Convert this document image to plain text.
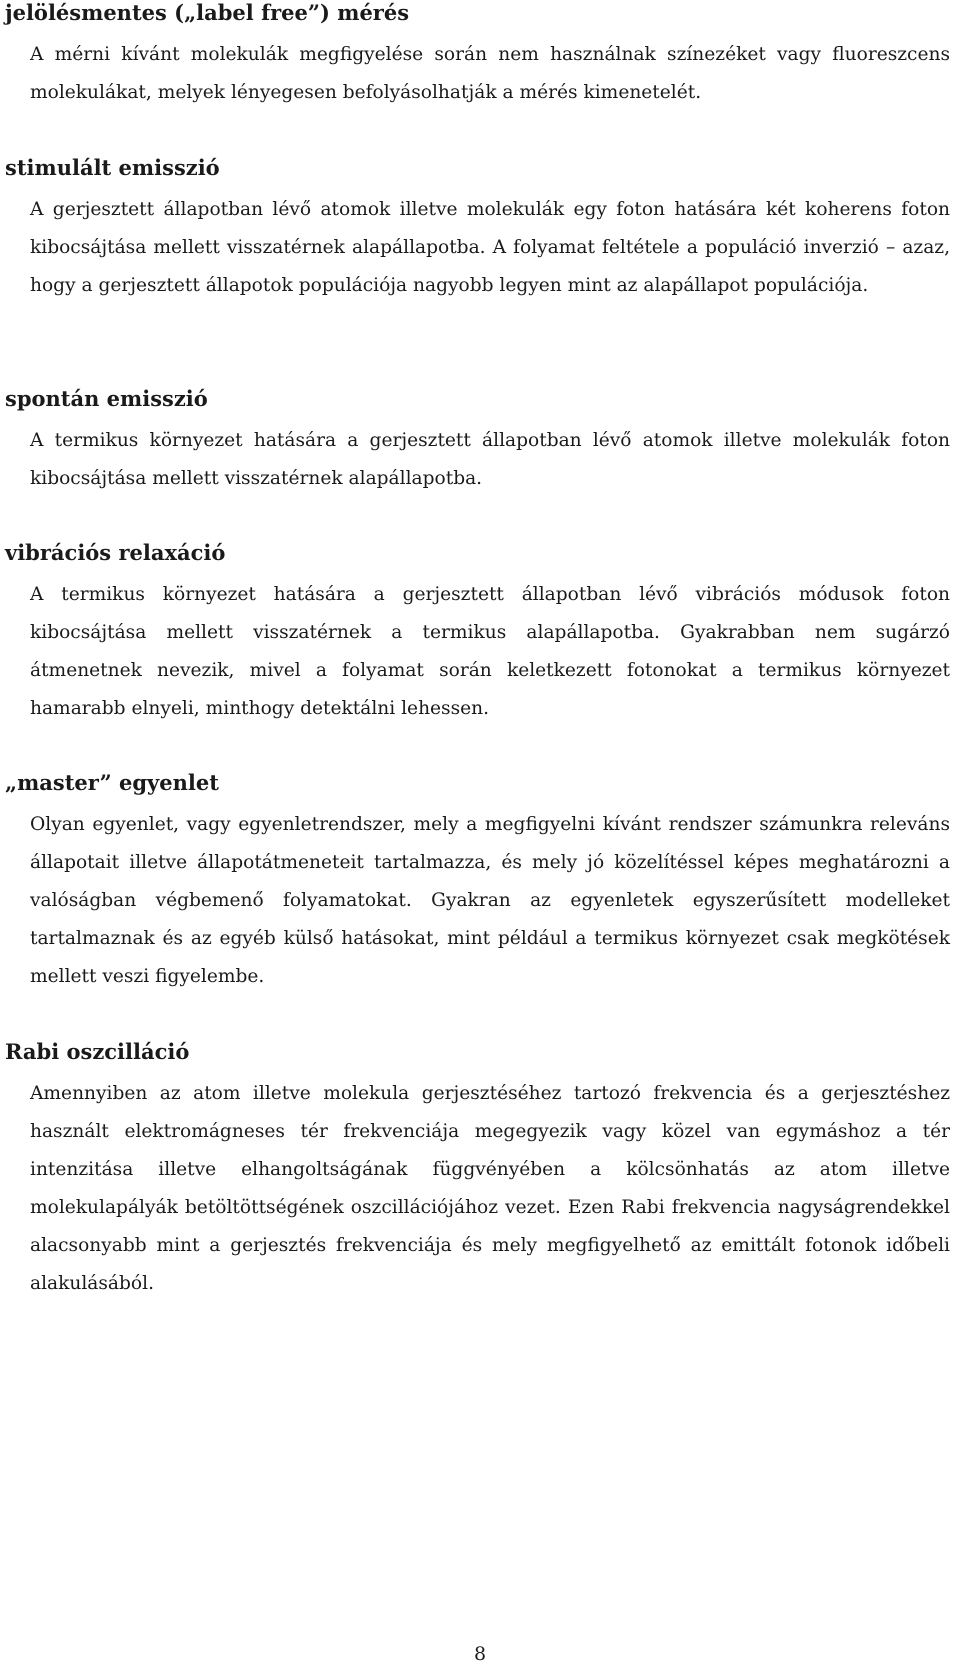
jelölésmentes („label free”) mérés

A mérni kívánt molekulák megfigyelése során nem használnak színezéket vagy fluoreszcens molekulákat, melyek lényegesen befolyásolhatják a mérés kimenetelét.

stimulált emisszió

A gerjesztett állapotban lévő atomok illetve molekulák egy foton hatására két koherens foton kibocsájtása mellett visszatérnek alapállapotba. A folyamat feltétele a populáció inverzió – azaz, hogy a gerjesztett állapotok populációja nagyobb legyen mint az alapállapot populációja.

spontán emisszió

A termikus környezet hatására a gerjesztett állapotban lévő atomok illetve molekulák foton kibocsájtása mellett visszatérnek alapállapotba.

vibrációs relaxáció

A termikus környezet hatására a gerjesztett állapotban lévő vibrációs módusok foton kibocsájtása mellett visszatérnek a termikus alapállapotba. Gyakrabban nem sugárzó átmenetnek nevezik, mivel a folyamat során keletkezett fotonokat a termikus környezet hamarabb elnyeli, minthogy detektálni lehessen.

„master” egyenlet

Olyan egyenlet, vagy egyenletrendszer, mely a megfigyelni kívánt rendszer számunkra releváns állapotait illetve állapotátmeneteit tartalmazza, és mely jó közelítéssel képes meghatározni a valóságban végbemenő folyamatokat. Gyakran az egyenletek egyszerűsített modelleket tartalmaznak és az egyéb külső hatásokat, mint például a termikus környezet csak megkötések mellett veszi figyelembe.

Rabi oszcilláció

Amennyiben az atom illetve molekula gerjesztéséhez tartozó frekvencia és a gerjesztéshez használt elektromágneses tér frekvenciája megegyezik vagy közel van egymáshoz a tér intenzitása illetve elhangoltságának függvényében a kölcsönhatás az atom illetve molekulapályák betöltöttségének oszcillációjához vezet. Ezen Rabi frekvencia nagyságrendekkel alacsonyabb mint a gerjesztés frekvenciája és mely megfigyelhető az emittált fotonok időbeli alakulásából.

8
